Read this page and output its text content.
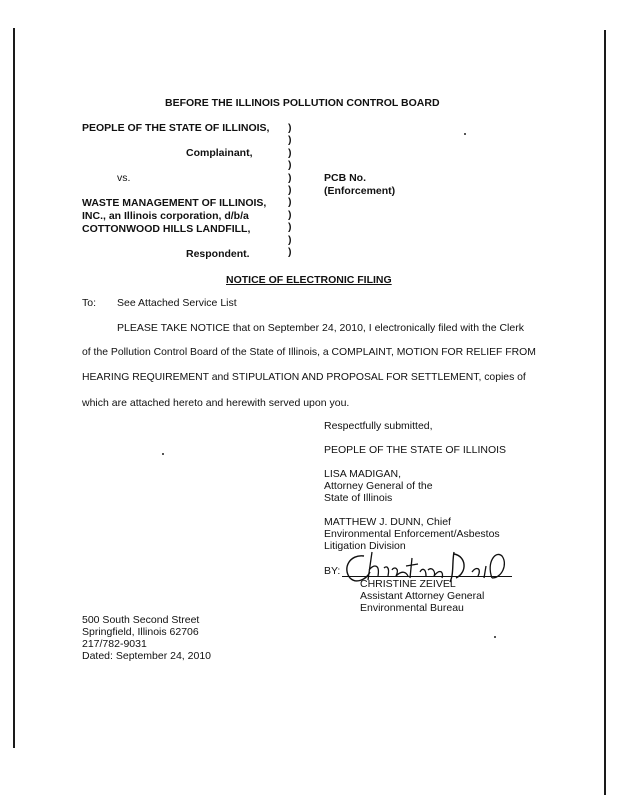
BEFORE THE ILLINOIS POLLUTION CONTROL BOARD
PEOPLE OF THE STATE OF ILLINOIS,
Complainant,
vs.
WASTE MANAGEMENT OF ILLINOIS,
INC., an Illinois corporation, d/b/a
COTTONWOOD HILLS LANDFILL,
Respondent.
)
)
)
)
)
)
)
)
)
)
)
PCB No.
(Enforcement)
NOTICE OF ELECTRONIC FILING
To: See Attached Service List
PLEASE TAKE NOTICE that on September 24, 2010, I electronically filed with the Clerk
of the Pollution Control Board of the State of Illinois, a COMPLAINT, MOTION FOR RELIEF FROM
HEARING REQUIREMENT and STIPULATION AND PROPOSAL FOR SETTLEMENT, copies of
which are attached hereto and herewith served upon you.
Respectfully submitted,
PEOPLE OF THE STATE OF ILLINOIS
LISA MADIGAN,
Attorney General of the
State of Illinois
MATTHEW J. DUNN, Chief
Environmental Enforcement/Asbestos
Litigation Division
BY:
CHRISTINE ZEIVEL
Assistant Attorney General
Environmental Bureau
500 South Second Street
Springfield, Illinois 62706
217/782-9031
Dated: September 24, 2010
